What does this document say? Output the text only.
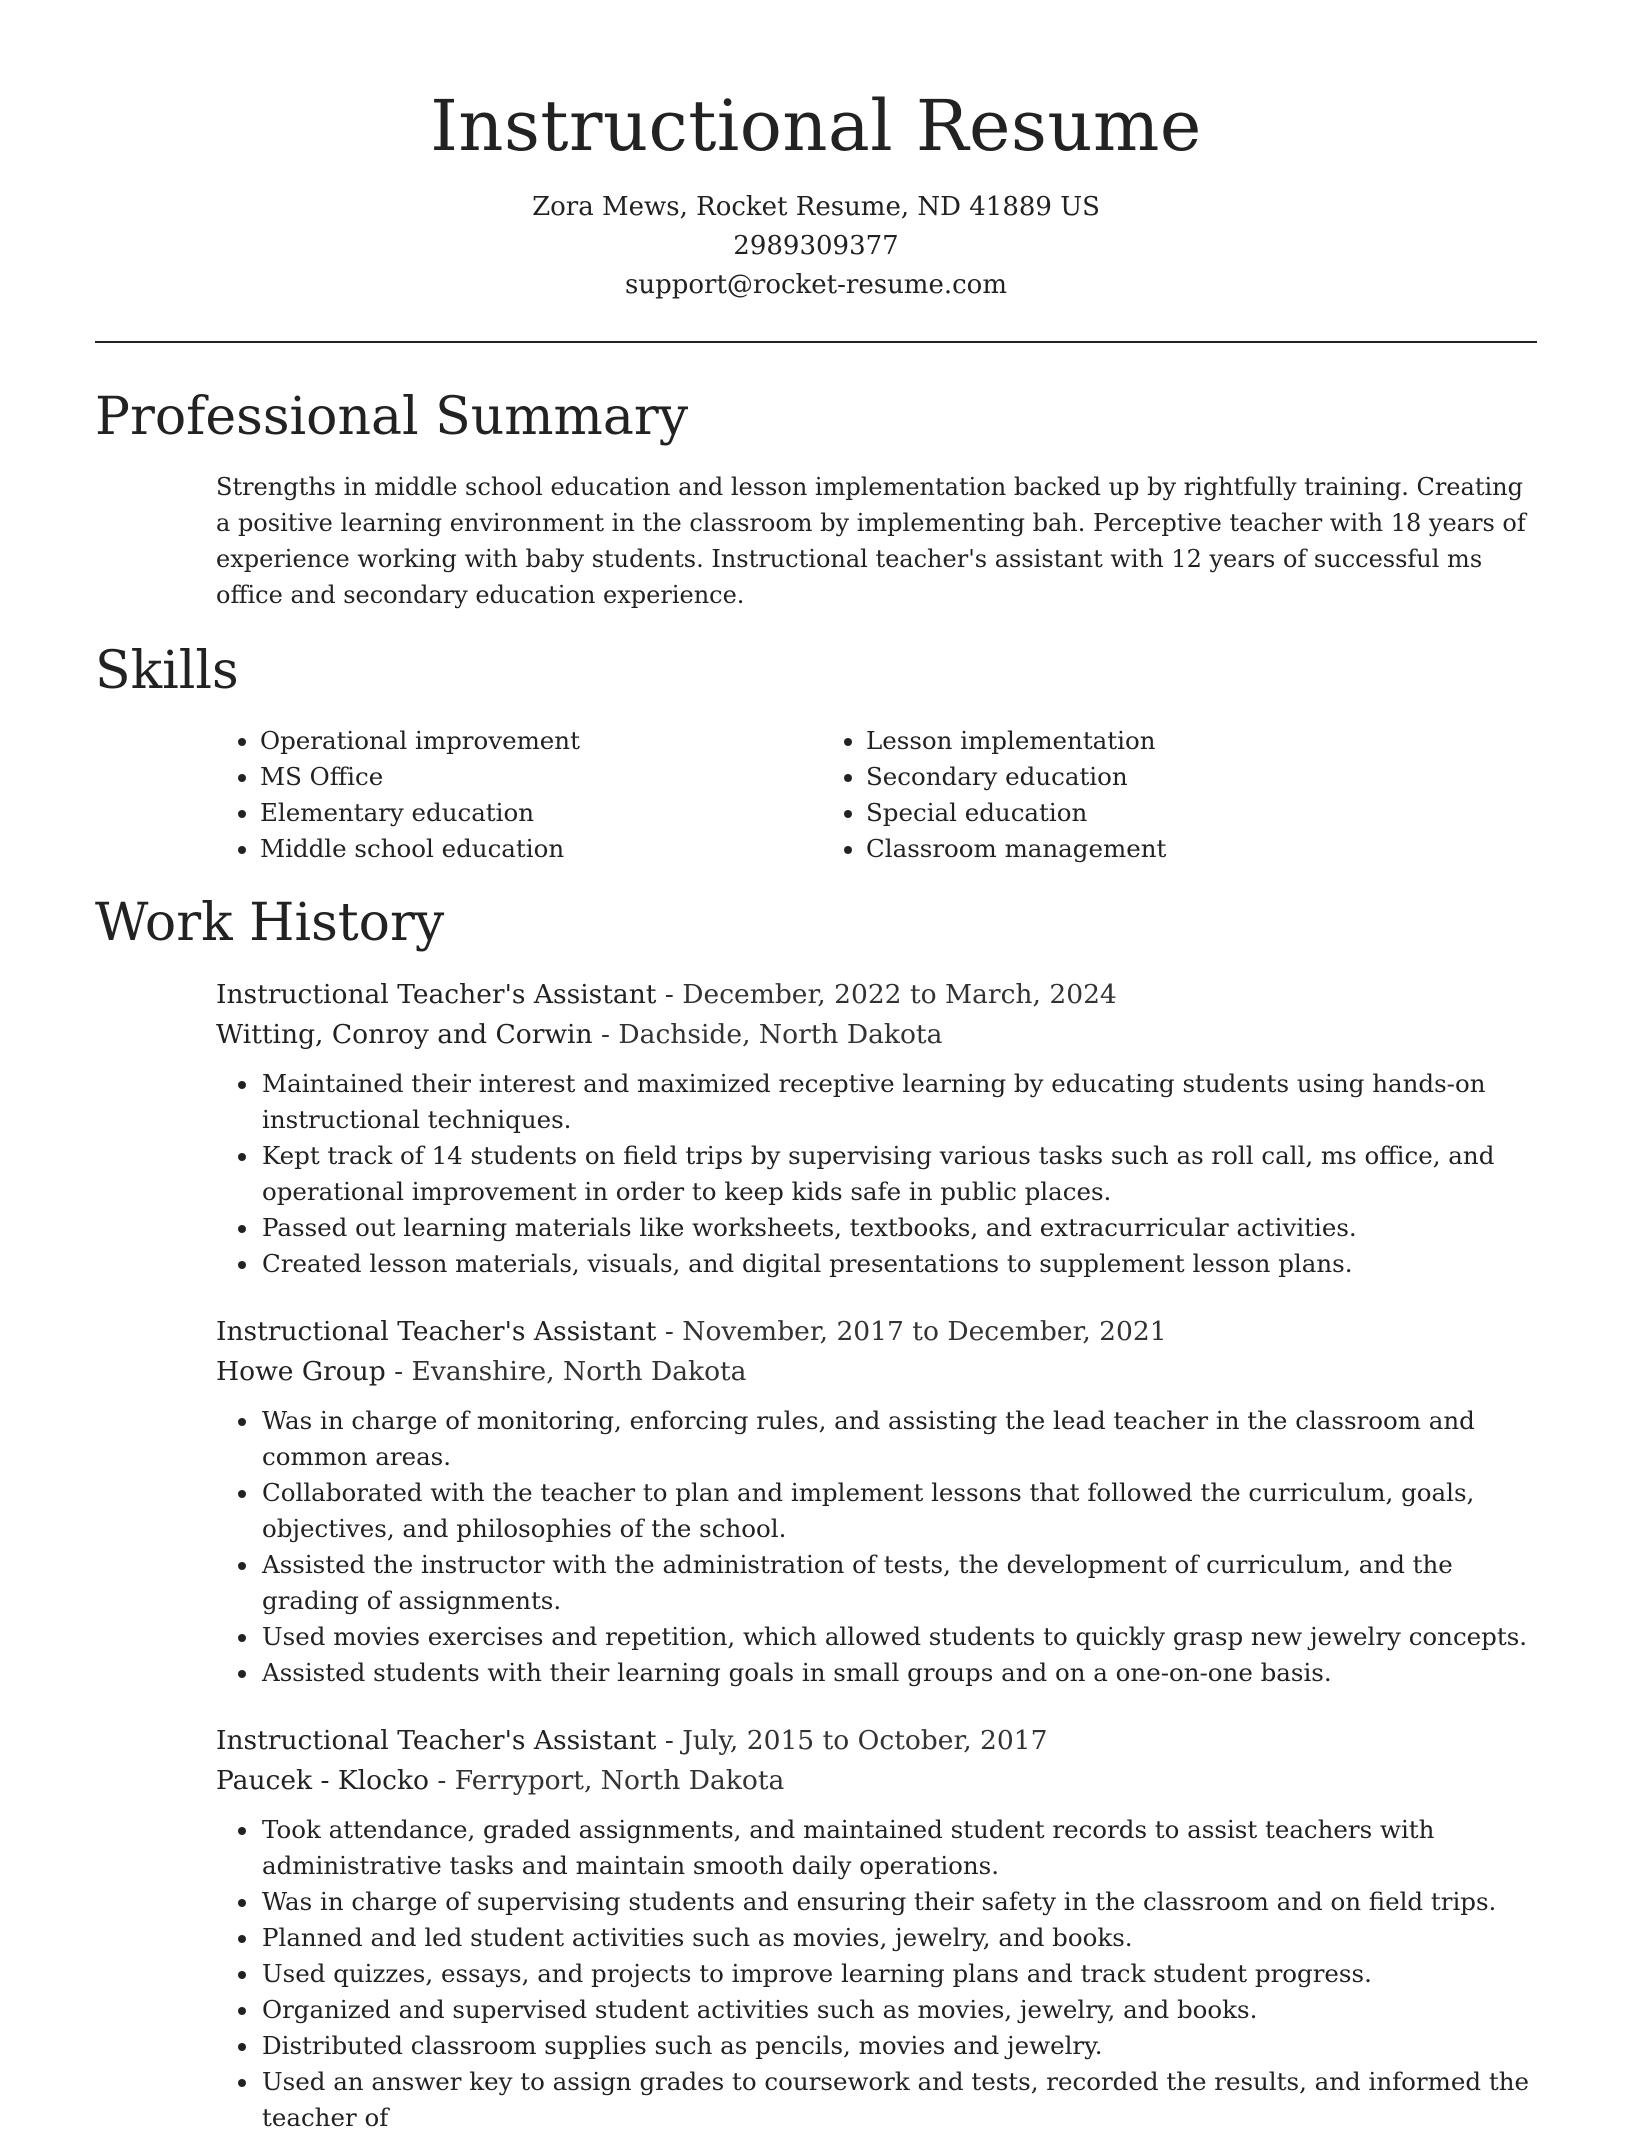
Instructional Resume

Zora Mews, Rocket Resume, ND 41889 US

2989309377

support@rocket-resume.com

Professional Summary

Strengths in middle school education and lesson implementation backed up by rightfully training. Creating a positive learning environment in the classroom by implementing bah. Perceptive teacher with 18 years of experience working with baby students. Instructional teacher's assistant with 12 years of successful ms office and secondary education experience.

Skills
• Operational improvement
• MS Office
• Elementary education
• Middle school education
• Lesson implementation
• Secondary education
• Special education
• Classroom management
Work History

Instructional Teacher's Assistant - December, 2022 to March, 2024

Witting, Conroy and Corwin - Dachside, North Dakota

• Maintained their interest and maximized receptive learning by educating students using hands-on instructional techniques.
• Kept track of 14 students on field trips by supervising various tasks such as roll call, ms office, and operational improvement in order to keep kids safe in public places.
• Passed out learning materials like worksheets, textbooks, and extracurricular activities.
• Created lesson materials, visuals, and digital presentations to supplement lesson plans.

Instructional Teacher's Assistant - November, 2017 to December, 2021

Howe Group - Evanshire, North Dakota

• Was in charge of monitoring, enforcing rules, and assisting the lead teacher in the classroom and common areas.
• Collaborated with the teacher to plan and implement lessons that followed the curriculum, goals, objectives, and philosophies of the school.
• Assisted the instructor with the administration of tests, the development of curriculum, and the grading of assignments.
• Used movies exercises and repetition, which allowed students to quickly grasp new jewelry concepts.
• Assisted students with their learning goals in small groups and on a one-on-one basis.

Instructional Teacher's Assistant - July, 2015 to October, 2017

Paucek - Klocko - Ferryport, North Dakota

• Took attendance, graded assignments, and maintained student records to assist teachers with administrative tasks and maintain smooth daily operations.
• Was in charge of supervising students and ensuring their safety in the classroom and on field trips.
• Planned and led student activities such as movies, jewelry, and books.
• Used quizzes, essays, and projects to improve learning plans and track student progress.
• Organized and supervised student activities such as movies, jewelry, and books.
• Distributed classroom supplies such as pencils, movies and jewelry.
• Used an answer key to assign grades to coursework and tests, recorded the results, and informed the teacher of
